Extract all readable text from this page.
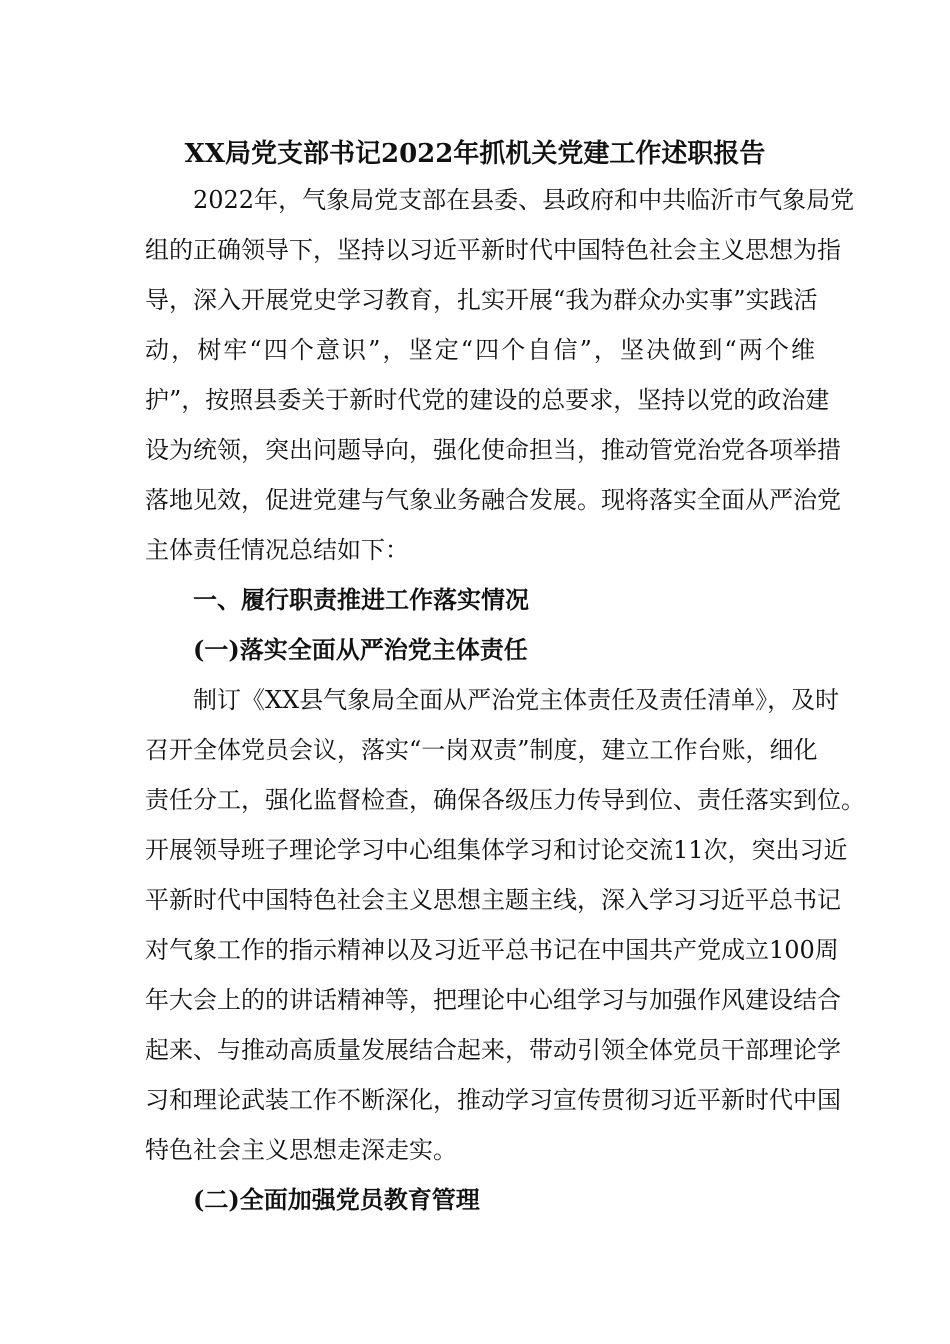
XX局党支部书记2022年抓机关党建工作述职报告
2022年，气象局党支部在县委、县政府和中共临沂市气象局党
组的正确领导下，坚持以习近平新时代中国特色社会主义思想为指
导，深入开展党史学习教育，扎实开展“我为群众办实事”实践活
动，树牢“四个意识”，坚定“四个自信”，坚决做到“两个维
护”，按照县委关于新时代党的建设的总要求，坚持以党的政治建
设为统领，突出问题导向，强化使命担当，推动管党治党各项举措
落地见效，促进党建与气象业务融合发展。现将落实全面从严治党
主体责任情况总结如下：
一、履行职责推进工作落实情况
(一)落实全面从严治党主体责任
制订《XX县气象局全面从严治党主体责任及责任清单》，及时
召开全体党员会议，落实“一岗双责”制度，建立工作台账，细化
责任分工，强化监督检查，确保各级压力传导到位、责任落实到位。
开展领导班子理论学习中心组集体学习和讨论交流11次，突出习近
平新时代中国特色社会主义思想主题主线，深入学习习近平总书记
对气象工作的指示精神以及习近平总书记在中国共产党成立100周
年大会上的的讲话精神等，把理论中心组学习与加强作风建设结合
起来、与推动高质量发展结合起来，带动引领全体党员干部理论学
习和理论武装工作不断深化，推动学习宣传贯彻习近平新时代中国
特色社会主义思想走深走实。
(二)全面加强党员教育管理
